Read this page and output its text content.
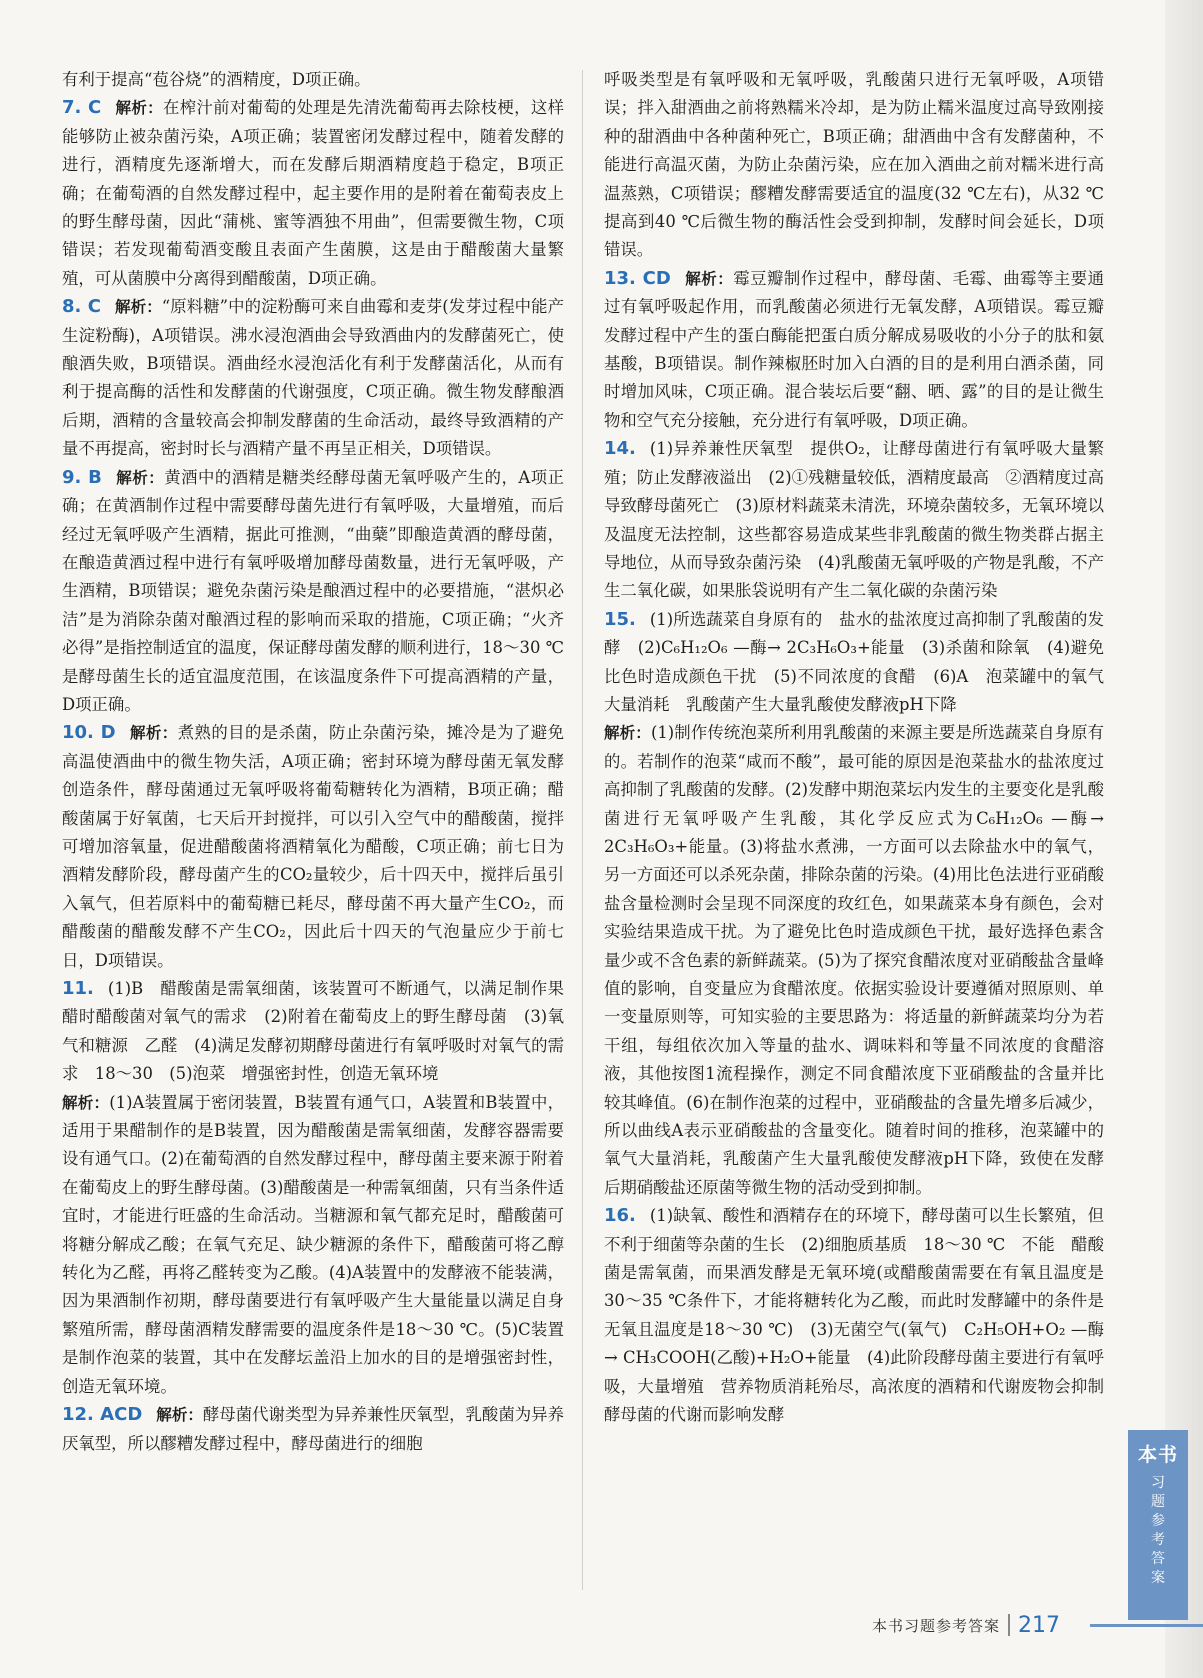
有利于提高“苞谷烧”的酒精度，D项正确。

7. C 解析：在榨汁前对葡萄的处理是先清洗葡萄再去除枝梗，这样能够防止被杂菌污染，A项正确；装置密闭发酵过程中，随着发酵的进行，酒精度先逐渐增大，而在发酵后期酒精度趋于稳定，B项正确；在葡萄酒的自然发酵过程中，起主要作用的是附着在葡萄表皮上的野生酵母菌，因此“蒲桃、蜜等酒独不用曲”，但需要微生物，C项错误；若发现葡萄酒变酸且表面产生菌膜，这是由于醋酸菌大量繁殖，可从菌膜中分离得到醋酸菌，D项正确。

8. C 解析：“原料糖”中的淀粉酶可来自曲霉和麦芽(发芽过程中能产生淀粉酶)，A项错误。沸水浸泡酒曲会导致酒曲内的发酵菌死亡，使酿酒失败，B项错误。酒曲经水浸泡活化有利于发酵菌活化，从而有利于提高酶的活性和发酵菌的代谢强度，C项正确。微生物发酵酿酒后期，酒精的含量较高会抑制发酵菌的生命活动，最终导致酒精的产量不再提高，密封时长与酒精产量不再呈正相关，D项错误。

9. B 解析：黄酒中的酒精是糖类经酵母菌无氧呼吸产生的，A项正确；在黄酒制作过程中需要酵母菌先进行有氧呼吸，大量增殖，而后经过无氧呼吸产生酒精，据此可推测，“曲蘖”即酿造黄酒的酵母菌，在酿造黄酒过程中进行有氧呼吸增加酵母菌数量，进行无氧呼吸，产生酒精，B项错误；避免杂菌污染是酿酒过程中的必要措施，“湛炽必洁”是为消除杂菌对酿酒过程的影响而采取的措施，C项正确；“火齐必得”是指控制适宜的温度，保证酵母菌发酵的顺利进行，18～30 ℃是酵母菌生长的适宜温度范围，在该温度条件下可提高酒精的产量，D项正确。

10. D 解析：煮熟的目的是杀菌，防止杂菌污染，摊冷是为了避免高温使酒曲中的微生物失活，A项正确；密封环境为酵母菌无氧发酵创造条件，酵母菌通过无氧呼吸将葡萄糖转化为酒精，B项正确；醋酸菌属于好氧菌，七天后开封搅拌，可以引入空气中的醋酸菌，搅拌可增加溶氧量，促进醋酸菌将酒精氧化为醋酸，C项正确；前七日为酒精发酵阶段，酵母菌产生的CO₂量较少，后十四天中，搅拌后虽引入氧气，但若原料中的葡萄糖已耗尽，酵母菌不再大量产生CO₂，而醋酸菌的醋酸发酵不产生CO₂，因此后十四天的气泡量应少于前七日，D项错误。

11. (1)B　醋酸菌是需氧细菌，该装置可不断通气，以满足制作果醋时醋酸菌对氧气的需求　(2)附着在葡萄皮上的野生酵母菌　(3)氧气和糖源　乙醛　(4)满足发酵初期酵母菌进行有氧呼吸时对氧气的需求　18～30　(5)泡菜　增强密封性，创造无氧环境

解析：(1)A装置属于密闭装置，B装置有通气口，A装置和B装置中，适用于果醋制作的是B装置，因为醋酸菌是需氧细菌，发酵容器需要设有通气口。(2)在葡萄酒的自然发酵过程中，酵母菌主要来源于附着在葡萄皮上的野生酵母菌。(3)醋酸菌是一种需氧细菌，只有当条件适宜时，才能进行旺盛的生命活动。当糖源和氧气都充足时，醋酸菌可将糖分解成乙酸；在氧气充足、缺少糖源的条件下，醋酸菌可将乙醇转化为乙醛，再将乙醛转变为乙酸。(4)A装置中的发酵液不能装满，因为果酒制作初期，酵母菌要进行有氧呼吸产生大量能量以满足自身繁殖所需，酵母菌酒精发酵需要的温度条件是18～30 ℃。(5)C装置是制作泡菜的装置，其中在发酵坛盖沿上加水的目的是增强密封性，创造无氧环境。

12. ACD 解析：酵母菌代谢类型为异养兼性厌氧型，乳酸菌为异养厌氧型，所以醪糟发酵过程中，酵母菌进行的细胞

呼吸类型是有氧呼吸和无氧呼吸，乳酸菌只进行无氧呼吸，A项错误；拌入甜酒曲之前将熟糯米冷却，是为防止糯米温度过高导致刚接种的甜酒曲中各种菌种死亡，B项正确；甜酒曲中含有发酵菌种，不能进行高温灭菌，为防止杂菌污染，应在加入酒曲之前对糯米进行高温蒸熟，C项错误；醪糟发酵需要适宜的温度(32 ℃左右)，从32 ℃提高到40 ℃后微生物的酶活性会受到抑制，发酵时间会延长，D项错误。

13. CD 解析：霉豆瓣制作过程中，酵母菌、毛霉、曲霉等主要通过有氧呼吸起作用，而乳酸菌必须进行无氧发酵，A项错误。霉豆瓣发酵过程中产生的蛋白酶能把蛋白质分解成易吸收的小分子的肽和氨基酸，B项错误。制作辣椒胚时加入白酒的目的是利用白酒杀菌，同时增加风味，C项正确。混合装坛后要“翻、晒、露”的目的是让微生物和空气充分接触，充分进行有氧呼吸，D项正确。

14. (1)异养兼性厌氧型　提供O₂，让酵母菌进行有氧呼吸大量繁殖；防止发酵液溢出　(2)①残糖量较低，酒精度最高　②酒精度过高导致酵母菌死亡　(3)原材料蔬菜未清洗，环境杂菌较多，无氧环境以及温度无法控制，这些都容易造成某些非乳酸菌的微生物类群占据主导地位，从而导致杂菌污染　(4)乳酸菌无氧呼吸的产物是乳酸，不产生二氧化碳，如果胀袋说明有产生二氧化碳的杂菌污染

15. (1)所选蔬菜自身原有的　盐水的盐浓度过高抑制了乳酸菌的发酵　(2)C₆H₁₂O₆ —酶→ 2C₃H₆O₃+能量　(3)杀菌和除氧　(4)避免比色时造成颜色干扰　(5)不同浓度的食醋　(6)A　泡菜罐中的氧气大量消耗　乳酸菌产生大量乳酸使发酵液pH下降

解析：(1)制作传统泡菜所利用乳酸菌的来源主要是所选蔬菜自身原有的。若制作的泡菜“咸而不酸”，最可能的原因是泡菜盐水的盐浓度过高抑制了乳酸菌的发酵。(2)发酵中期泡菜坛内发生的主要变化是乳酸菌进行无氧呼吸产生乳酸，其化学反应式为C₆H₁₂O₆ —酶→ 2C₃H₆O₃+能量。(3)将盐水煮沸，一方面可以去除盐水中的氧气，另一方面还可以杀死杂菌，排除杂菌的污染。(4)用比色法进行亚硝酸盐含量检测时会呈现不同深度的玫红色，如果蔬菜本身有颜色，会对实验结果造成干扰。为了避免比色时造成颜色干扰，最好选择色素含量少或不含色素的新鲜蔬菜。(5)为了探究食醋浓度对亚硝酸盐含量峰值的影响，自变量应为食醋浓度。依据实验设计要遵循对照原则、单一变量原则等，可知实验的主要思路为：将适量的新鲜蔬菜均分为若干组，每组依次加入等量的盐水、调味料和等量不同浓度的食醋溶液，其他按图1流程操作，测定不同食醋浓度下亚硝酸盐的含量并比较其峰值。(6)在制作泡菜的过程中，亚硝酸盐的含量先增多后减少，所以曲线A表示亚硝酸盐的含量变化。随着时间的推移，泡菜罐中的氧气大量消耗，乳酸菌产生大量乳酸使发酵液pH下降，致使在发酵后期硝酸盐还原菌等微生物的活动受到抑制。

16. (1)缺氧、酸性和酒精存在的环境下，酵母菌可以生长繁殖，但不利于细菌等杂菌的生长　(2)细胞质基质　18～30 ℃　不能　醋酸菌是需氧菌，而果酒发酵是无氧环境(或醋酸菌需要在有氧且温度是30～35 ℃条件下，才能将糖转化为乙酸，而此时发酵罐中的条件是无氧且温度是18～30 ℃)　(3)无菌空气(氧气)　C₂H₅OH+O₂ —酶→ CH₃COOH(乙酸)+H₂O+能量　(4)此阶段酵母菌主要进行有氧呼吸，大量增殖　营养物质消耗殆尽，高浓度的酒精和代谢废物会抑制酵母菌的代谢而影响发酵

本书
习题参考答案
本书习题参考答案 217
